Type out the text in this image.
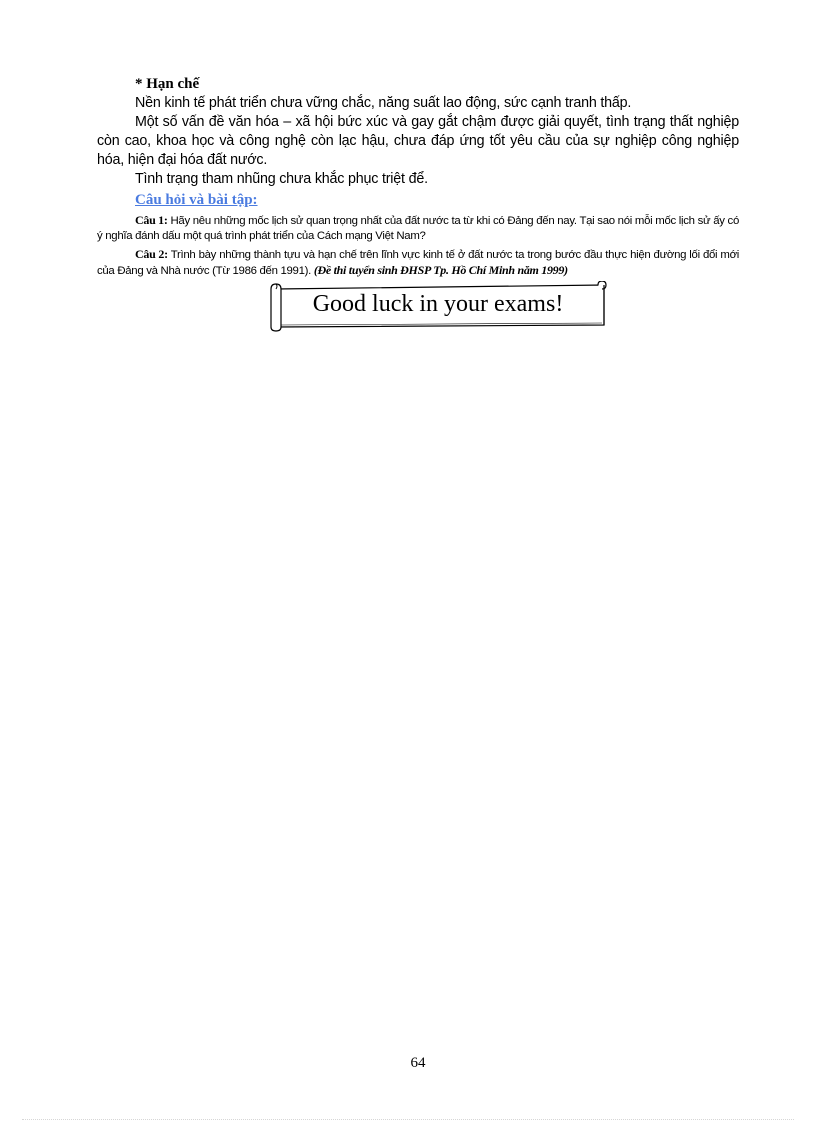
* Hạn chế

Nền kinh tế phát triển chưa vững chắc, năng suất lao động, sức cạnh tranh thấp.

Một số vấn đề văn hóa – xã hội bức xúc và gay gắt chậm được giải quyết, tình trạng thất nghiệp còn cao, khoa học và công nghệ còn lạc hậu, chưa đáp ứng tốt yêu cầu của sự nghiệp công nghiệp hóa, hiện đại hóa đất nước.

Tình trạng tham nhũng chưa khắc phục triệt để.

Câu hỏi và bài tập:

Câu 1: Hãy nêu những mốc lịch sử quan trọng nhất của đất nước ta từ khi có Đảng đến nay. Tại sao nói mỗi mốc lịch sử ấy có ý nghĩa đánh dấu một quá trình phát triển của Cách mạng Việt Nam?

Câu 2: Trình bày những thành tựu và hạn chế trên lĩnh vực kinh tế ở đất nước ta trong bước đầu thực hiện đường lối đổi mới của Đảng và Nhà nước (Từ 1986 đến 1991). (Đề thi tuyển sinh ĐHSP Tp. Hồ Chí Minh năm 1999)

Good luck in your exams!
64
